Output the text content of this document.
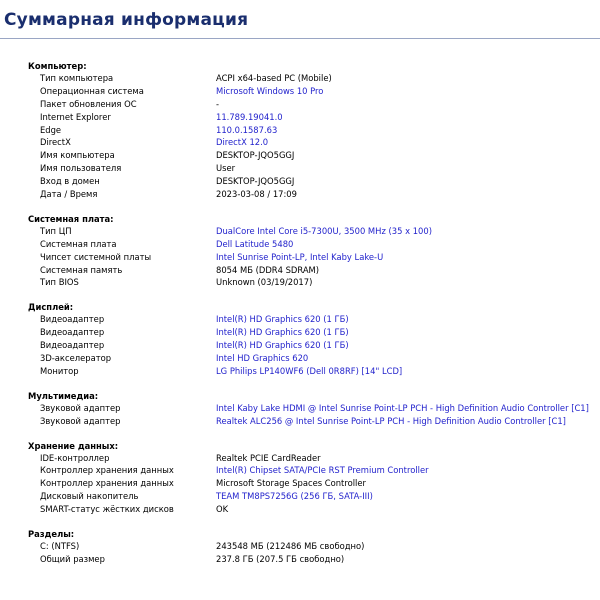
Суммарная информация
Компьютер:
Тип компьютера	ACPI x64-based PC (Mobile)
Операционная система	Microsoft Windows 10 Pro
Пакет обновления ОС	-
Internet Explorer	11.789.19041.0
Edge	110.0.1587.63
DirectX	DirectX 12.0
Имя компьютера	DESKTOP-JQO5GGJ
Имя пользователя	User
Вход в домен	DESKTOP-JQO5GGJ
Дата / Время	2023-03-08 / 17:09
Системная плата:
Тип ЦП	DualCore Intel Core i5-7300U, 3500 MHz (35 x 100)
Системная плата	Dell Latitude 5480
Чипсет системной платы	Intel Sunrise Point-LP, Intel Kaby Lake-U
Системная память	8054 МБ (DDR4 SDRAM)
Тип BIOS	Unknown (03/19/2017)
Дисплей:
Видеоадаптер	Intel(R) HD Graphics 620 (1 ГБ)
Видеоадаптер	Intel(R) HD Graphics 620 (1 ГБ)
Видеоадаптер	Intel(R) HD Graphics 620 (1 ГБ)
3D-акселератор	Intel HD Graphics 620
Монитор	LG Philips LP140WF6 (Dell 0R8RF) [14" LCD]
Мультимедиа:
Звуковой адаптер	Intel Kaby Lake HDMI @ Intel Sunrise Point-LP PCH - High Definition Audio Controller [C1]
Звуковой адаптер	Realtek ALC256 @ Intel Sunrise Point-LP PCH - High Definition Audio Controller [C1]
Хранение данных:
IDE-контроллер	Realtek PCIE CardReader
Контроллер хранения данных	Intel(R) Chipset SATA/PCIe RST Premium Controller
Контроллер хранения данных	Microsoft Storage Spaces Controller
Дисковый накопитель	TEAM TM8PS7256G (256 ГБ, SATA-III)
SMART-статус жёстких дисков	OK
Разделы:
C: (NTFS)	243548 МБ (212486 МБ свободно)
Общий размер	237.8 ГБ (207.5 ГБ свободно)
